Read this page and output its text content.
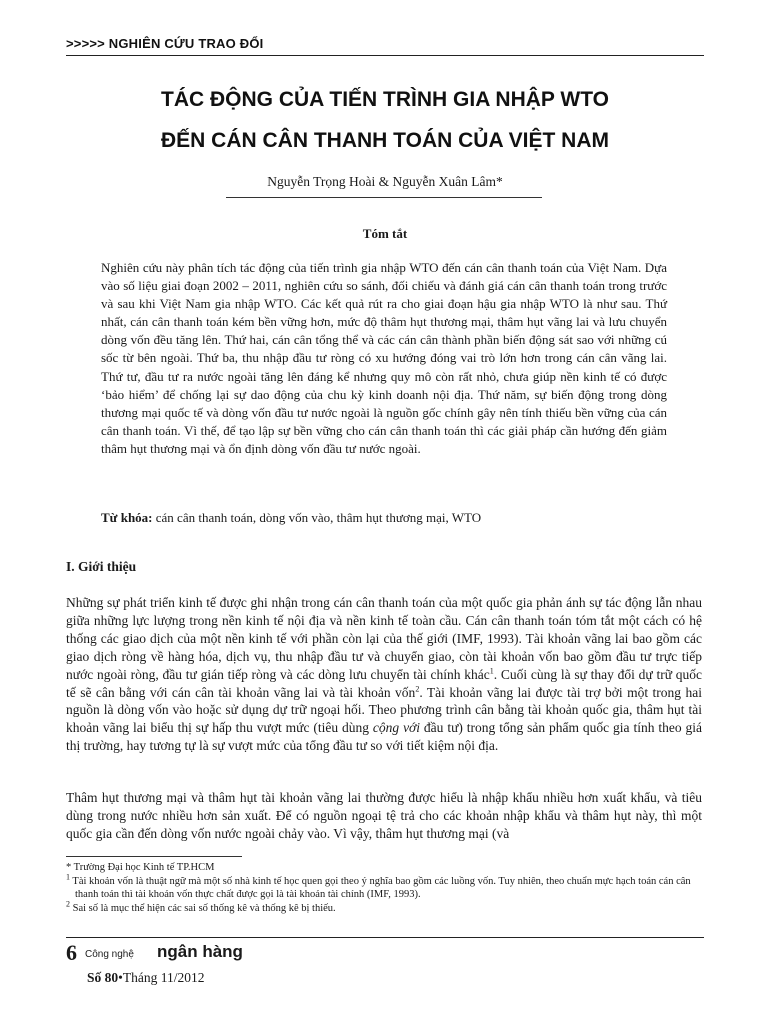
>>>>> NGHIÊN CỨU TRAO ĐỔI
TÁC ĐỘNG CỦA TIẾN TRÌNH GIA NHẬP WTO
ĐẾN CÁN CÂN THANH TOÁN CỦA VIỆT NAM
Nguyễn Trọng Hoài & Nguyễn Xuân Lâm*
Tóm tắt

Nghiên cứu này phân tích tác động của tiến trình gia nhập WTO đến cán cân thanh toán của Việt Nam. Dựa vào số liệu giai đoạn 2002 – 2011, nghiên cứu so sánh, đối chiếu và đánh giá cán cân thanh toán trong trước và sau khi Việt Nam gia nhập WTO. Các kết quả rút ra cho giai đoạn hậu gia nhập WTO là như sau. Thứ nhất, cán cân thanh toán kém bền vững hơn, mức độ thâm hụt thương mại, thâm hụt vãng lai và lưu chuyển dòng vốn đều tăng lên. Thứ hai, cán cân tổng thể và các cán cân thành phần biến động sát sao với những cú sốc từ bên ngoài. Thứ ba, thu nhập đầu tư ròng có xu hướng đóng vai trò lớn hơn trong cán cân vãng lai. Thứ tư, đầu tư ra nước ngoài tăng lên đáng kể nhưng quy mô còn rất nhỏ, chưa giúp nền kinh tế có được ‘bảo hiểm’ để chống lại sự dao động của chu kỳ kinh doanh nội địa. Thứ năm, sự biến động trong dòng thương mại quốc tế và dòng vốn đầu tư nước ngoài là nguồn gốc chính gây nên tính thiếu bền vững của cán cân thanh toán. Vì thế, để tạo lập sự bền vững cho cán cân thanh toán thì các giải pháp cần hướng đến giảm thâm hụt thương mại và ổn định dòng vốn đầu tư nước ngoài.

Từ khóa: cán cân thanh toán, dòng vốn vào, thâm hụt thương mại, WTO

I. Giới thiệu

Những sự phát triển kinh tế được ghi nhận trong cán cân thanh toán của một quốc gia phản ánh sự tác động lẫn nhau giữa những lực lượng trong nền kinh tế nội địa và nền kinh tế toàn cầu. Cán cân thanh toán tóm tắt một cách có hệ thống các giao dịch của một nền kinh tế với phần còn lại của thế giới (IMF, 1993). Tài khoản vãng lai bao gồm các giao dịch ròng về hàng hóa, dịch vụ, thu nhập đầu tư và chuyển giao, còn tài khoản vốn bao gồm đầu tư trực tiếp nước ngoài ròng, đầu tư gián tiếp ròng và các dòng lưu chuyển tài chính khác$^1$. Cuối cùng là sự thay đổi dự trữ quốc tế sẽ cân bằng với cán cân tài khoản vãng lai và tài khoản vốn$^2$. Tài khoản vãng lai được tài trợ bởi một trong hai nguồn là dòng vốn vào hoặc sử dụng dự trữ ngoại hối. Theo phương trình cân bằng tài khoản quốc gia, thâm hụt tài khoản vãng lai biểu thị sự hấp thu vượt mức (tiêu dùng cộng với đầu tư) trong tổng sản phẩm quốc gia tính theo giá thị trường, hay tương tự là sự vượt mức của tổng đầu tư so với tiết kiệm nội địa.

Thâm hụt thương mại và thâm hụt tài khoản vãng lai thường được hiểu là nhập khẩu nhiều hơn xuất khẩu, và tiêu dùng trong nước nhiều hơn sản xuất. Để có nguồn ngoại tệ trả cho các khoản nhập khẩu và thâm hụt này, thì một quốc gia cần đến dòng vốn nước ngoài chảy vào. Vì vậy, thâm hụt thương mại (và

* Trường Đại học Kinh tế TP.HCM

$^1$ Tài khoản vốn là thuật ngữ mà một số nhà kinh tế học quen gọi theo ý nghĩa bao gồm các luồng vốn. Tuy nhiên, theo chuẩn mực hạch toán cán cân thanh toán thì tài khoản vốn thực chất được gọi là tài khoản tài chính (IMF, 1993).

$^2$ Sai số là mục thể hiện các sai số thống kê và thống kê bị thiếu.

6 Công nghệ ngân hàng
Số 80•Tháng 11/2012
